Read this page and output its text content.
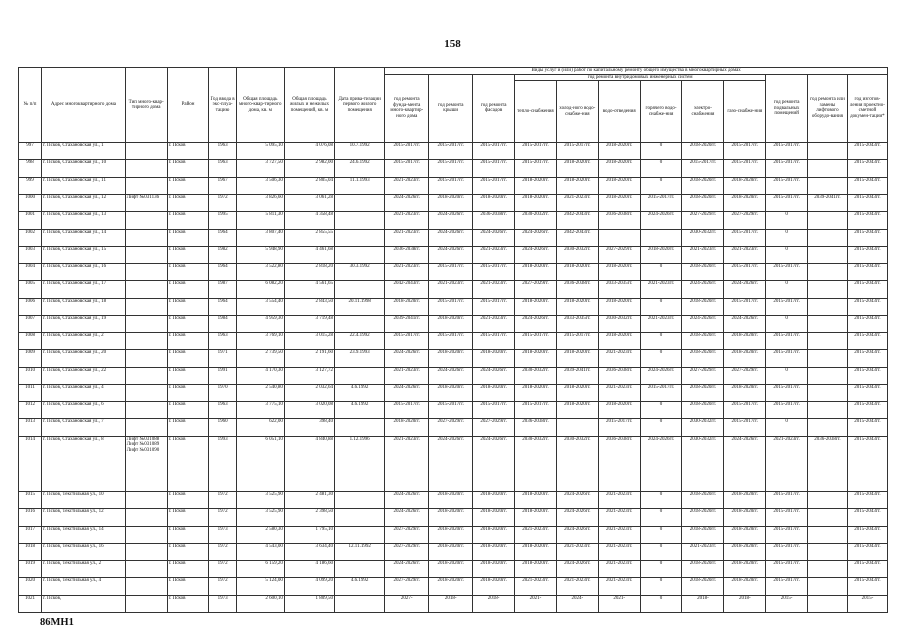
158
№ п/п	Адрес многоквартирного дома	Тип много-квар-тирного дома	Район	Год ввода в экс-плуа-тацию	Общая площадь много-квар-тирного дома, кв. м	Общая площадь жилых и нежилых помещений, кв. м	Дата прива-тизации первого жилого помещения	Виды услуг и (или) работ по капитальному ремонту общего имущества в многоквартирных домах											
								год ремонта фунда-мента много-квартир-ного дома	год ремонта крыши	год ремонта фасадов	год ремонта внутридомовых инженерных систем						год ремонта подвальных помещений	год ремонта или замены лифтового оборудо-вания	год изготов-ления проектно-сметной докумен-тации*
											тепло-снабжения	холод-ного водо-снабже-ния	водо-отведения	горячего водо-снабже-ния	электро-снабжения	газо-снабже-ния			
997	г. Псков, Стахановская ул., 1		г. Псков	1963	5 095,10	4 076,08	10.7.1992	2015-2017гг.	2015-2017гг.	2015-2017гг.	2015-2017гг.	2015-2017гг.	2018-2020гг.	0	2018-2020гг.	2015-2017гг.	2015-2017гг.		2015-2043гг.
998	г. Псков, Стахановская ул., 10		г. Псков	1963	3 727,50	2 982,00	24.6.1992	2015-2017гг.	2015-2017гг.	2015-2017гг.	2015-2017гг.	2018-2020гг.	2018-2020гг.	0	2015-2017гг.	2015-2017гг.	2015-2017гг.		2015-2043гг.
999	г. Псков, Стахановская ул., 11		г. Псков	1967	3 506,30	2 805,04	11.1.1993	2021-2023гг.	2015-2017гг.	2015-2017гг.	2018-2020гг.	2018-2020гг.	2018-2020гг.	0	2018-2020гг.	2018-2020гг.	2015-2017гг.		2015-2043гг.
1000	г. Псков, Стахановская ул., 12	Лифт №031136	г. Псков	1972	3 826,60	3 061,28		2024-2026гг.	2018-2020гг.	2018-2020гг.	2018-2020гг.	2021-2023гг.	2018-2020гг.	2015-2017гг.	2018-2020гг.	2018-2020гг.	2015-2017гг.	2039-2041гг.	2015-2043гг.
1001	г. Псков, Стахановская ул., 13		г. Псков	1995	5 811,30	4 358,48		2021-2023гг.	2024-2026гг.	2036-2038гг.	2030-2032гг.	2042-2043гг.	2036-2038гг.	2024-2026гг.	2027-2029гг.	2027-2029гг.	0		2015-2043гг.
1002	г. Псков, Стахановская ул., 14		г. Псков	1964	3 807,40	2 855,55		2021-2023гг.	2024-2026гг.	2024-2026гг.	2024-2026гг.	2042-2043гг.			2030-2032гг.	2015-2017гг.	0		2015-2043гг.
1003	г. Псков, Стахановская ул., 15		г. Псков	1982	5 948,90	4 461,68		2036-2038гг.	2024-2026гг.	2021-2023гг.	2024-2026гг.	2030-2032гг.	2027-2029гг.	2018-2020гг.	2021-2023гг.	2021-2023гг.	0		2015-2043гг.
1004	г. Псков, Стахановская ул., 16		г. Псков	1964	3 522,80	2 818,20	30.3.1992	2021-2023гг.	2015-2017гг.	2015-2017гг.	2018-2020гг.	2018-2020гг.	2018-2020гг.	0	2018-2020гг.	2015-2017гг.	2015-2017гг.		2015-2043гг.
1005	г. Псков, Стахановская ул., 17		г. Псков	1987	6 082,20	4 561,65		2042-2043гг.	2021-2023гг.	2021-2023гг.	2027-2029гг.	2036-2038гг.	2033-2035гг.	2021-2023гг.	2024-2026гг.	2024-2026гг.	0		2015-2043гг.
1006	г. Псков, Стахановская ул., 18		г. Псков	1964	3 554,40	2 843,50	20.11.1998	2018-2020гг.	2015-2017гг.	2015-2017гг.	2018-2020гг.	2018-2020гг.	2018-2020гг.	0	2018-2020гг.	2015-2017гг.	2015-2017гг.		2015-2043гг.
1007	г. Псков, Стахановская ул., 19		г. Псков	1984	4 959,30	3 719,48		2039-2041гг.	2018-2020гг.	2021-2023гг.	2024-2026гг.	2033-2035гг.	2030-2032гг.	2021-2023гг.	2024-2026гг.	2024-2026гг.	0		2015-2043гг.
1008	г. Псков, Стахановская ул., 2		г. Псков	1963	3 769,10	3 015,28	22.4.1992	2015-2017гг.	2015-2017гг.	2015-2017гг.	2015-2017гг.	2015-2017гг.	2018-2020гг.	0	2018-2020гг.	2018-2020гг.	2015-2017гг.		2015-2043гг.
1009	г. Псков, Стахановская ул., 20		г. Псков	1971	2 739,50	2 191,60	23.9.1993	2024-2026гг.	2018-2020гг.	2018-2020гг.	2018-2020гг.	2018-2020гг.	2021-2023гг.	0	2018-2020гг.	2018-2020гг.	2015-2017гг.		2015-2043гг.
1010	г. Псков, Стахановская ул., 22		г. Псков	1991	4 170,30	3 127,72		2021-2023гг.	2024-2026гг.	2024-2026гг.	2030-2032гг.	2039-2041гг.	2036-2038гг.	2024-2026гг.	2027-2029гг.	2027-2029гг.	0		2015-2043гг.
1011	г. Псков, Стахановская ул., 4		г. Псков	1970	2 540,80	2 032,64	4.6.1992	2024-2026гг.	2018-2020гг.	2018-2020гг.	2018-2020гг.	2018-2020гг.	2021-2023гг.	2015-2017гг.	2018-2020гг.	2018-2020гг.	2015-2017гг.		2015-2043гг.
1012	г. Псков, Стахановская ул., 6		г. Псков	1963	3 775,10	3 020,08	4.6.1992	2015-2017гг.	2015-2017гг.	2015-2017гг.	2015-2017гг.	2018-2020гг.	2018-2020гг.	0	2018-2020гг.	2015-2017гг.	2015-2017гг.		2015-2043гг.
1013	г. Псков, Стахановская ул., 7		г. Псков	1960	622,00	398,40		2018-2020гг.	2027-2029гг.	2027-2029гг.	2036-2038гг.		2015-2017гг.	0	2030-2032гг.	2015-2017гг.	0		2015-2043гг.
1014	г. Псков, Стахановская ул., 8	Лифт №031088 Лифт №031089 Лифт №031090	г. Псков	1993	6 051,10	4 840,88	1.12.1996	2021-2023гг.	2024-2026гг.	2024-2026гг.	2030-2032гг.	2030-2032гг.	2036-2038гг.	2024-2026гг.	2030-2032гг.	2024-2026гг.	2021-2023гг.	2036-2038гг.	2015-2043гг.
1015	г. Псков, Текстильная ул., 10		г. Псков	1972	3 525,90	2 481,30		2024-2026гг.	2018-2020гг.	2018-2020гг.	2018-2020гг.	2024-2026гг.	2021-2023гг.	0	2018-2020гг.	2018-2020гг.	2015-2017гг.		2015-2043гг.
1016	г. Псков, Текстильная ул., 12		г. Псков	1972	3 525,90	2 398,50		2024-2026гг.	2018-2020гг.	2018-2020гг.	2018-2020гг.	2024-2026гг.	2021-2023гг.	0	2018-2020гг.	2018-2020гг.	2015-2017гг.		2015-2043гг.
1017	г. Псков, Текстильная ул., 14		г. Псков	1973	2 580,30	1 795,10		2027-2029гг.	2018-2020гг.	2018-2020гг.	2021-2023гг.	2024-2026гг.	2021-2023гг.	0	2018-2020гг.	2018-2020гг.	2015-2017гг.		2015-2043гг.
1018	г. Псков, Текстильная ул., 16		г. Псков	1972	4 543,00	3 634,40	12.11.1992	2027-2029гг.	2018-2020гг.	2018-2020гг.	2018-2020гг.	2021-2023гг.	2021-2023гг.	0	2021-2023гг.	2018-2020гг.	2015-2017гг.		2015-2043гг.
1019	г. Псков, Текстильная ул., 2		г. Псков	1972	6 159,20	4 186,60		2024-2026гг.	2018-2020гг.	2018-2020гг.	2018-2020гг.	2024-2026гг.	2021-2023гг.	0	2018-2020гг.	2018-2020гг.	2015-2017гг.		2015-2043гг.
1020	г. Псков, Текстильная ул., 4		г. Псков	1972	5 124,00	4 099,20	4.6.1992	2027-2029гг.	2018-2020гг.	2018-2020гг.	2021-2023гг.	2021-2023гг.	2021-2023гг.	0	2018-2020гг.	2018-2020гг.	2015-2017гг.		2015-2043гг.
1021	г. Псков,		г. Псков	1973	2 600,10	1 809,50		2027-	2018-	2018-	2021-	2024-	2021-	0	2018-	2018-	2015-		2015-
86MH1
